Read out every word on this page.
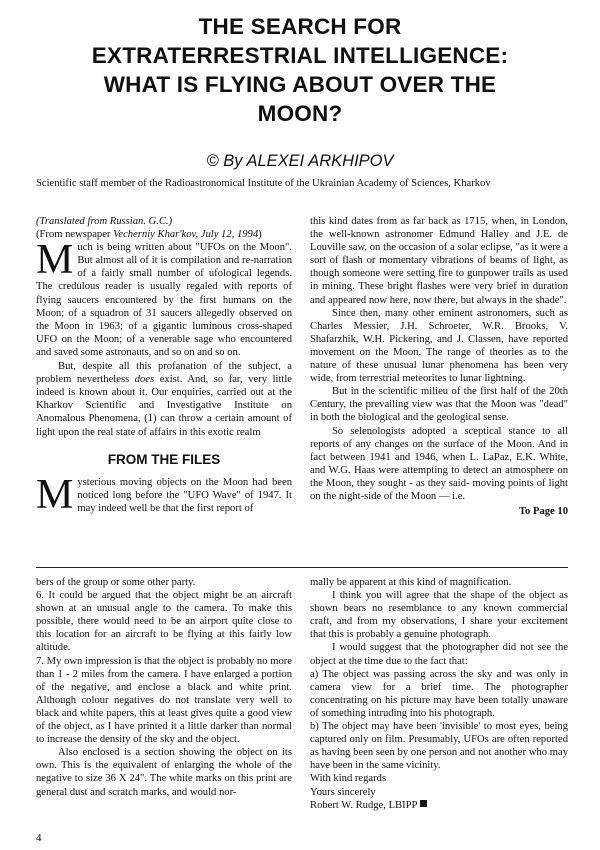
THE SEARCH FOR
EXTRATERRESTRIAL INTELLIGENCE:
WHAT IS FLYING ABOUT OVER THE
MOON?

© By ALEXEI ARKHIPOV

Scientific staff member of the Radioastronomical Institute of the Ukrainian Academy of Sciences, Kharkov

(Translated from Russian. G.C.)

(From newspaper Vecherniy Khar'kov, July 12, 1994)

Much is being written about "UFOs on the Moon". But almost all of it is compilation and re-narration of a fairly small number of ufological legends. The credulous reader is usually regaled with reports of flying saucers encountered by the first humans on the Moon; of a squadron of 31 saucers allegedly observed on the Moon in 1963; of a gigantic luminous cross-shaped UFO on the Moon; of a venerable sage who encountered and saved some astronauts, and so on and so on.

But, despite all this profanation of the subject, a problem nevertheless does exist. And, so far, very little indeed is known about it. Our enquiries, carried out at the Kharkov Scientific and Investigative Institute on Anomalous Phenomena, (1) can throw a certain amount of light upon the real state of affairs in this exotic realm

FROM THE FILES

Mysterious moving objects on the Moon had been noticed long before the "UFO Wave" of 1947. It may indeed well be that the first report of

this kind dates from as far back as 1715, when, in London, the well-known astronomer Edmund Halley and J.E. de Louville saw, on the occasion of a solar eclipse, "as it were a sort of flash or momentary vibrations of beams of light, as though someone were setting fire to gunpower trails as used in mining. These bright flashes were very brief in duration and appeared now here, now there, but always in the shade".

Since then, many other eminent astronomers, such as Charles Messier, J.H. Schroeter, W.R. Brooks, V. Shafarzhik, W.H. Pickering, and J. Classen, have reported movement on the Moon. The range of theories as to the nature of these unusual lunar phenomena has been very wide, from terrestrial meteorites to lunar lightning.

But in the scientific milieu of the first half of the 20th Century, the prevailing view was that the Moon was "dead" in both the biological and the geological sense.

So selenologists adopted a sceptical stance to all reports of any changes on the surface of the Moon. And in fact between 1941 and 1946, when L. LaPaz, E.K. White, and W.G. Haas were attempting to detect an atmosphere on the Moon, they sought - as they said- moving points of light on the night-side of the Moon — i.e.

To Page 10

bers of the group or some other party.

6. It could be argued that the object might be an aircraft shown at an unusual angle to the camera. To make this possible, there would need to be an airport quite close to this location for an aircraft to be flying at this fairly low altitude.

7. My own impression is that the object is probably no more than 1 - 2 miles from the camera. I have enlarged a portion of the negative, and enclose a black and white print. Although colour negatives do not translate very well to black and white papers, this at least gives quite a good view of the object, as I have printed it a little darker than normal to increase the density of the sky and the object.

Also enclosed is a section showing the object on its own. This is the equivalent of enlarging the whole of the negative to size 36 X 24". The white marks on this print are general dust and scratch marks, and would nor-

mally be apparent at this kind of magnification.

I think you will agree that the shape of the object as shown bears no resemblance to any known commercial craft, and from my observations, I share your excitement that this is probably a genuine photograph.

I would suggest that the photographer did not see the object at the time due to the fact that:

a) The object was passing across the sky and was only in camera view for a brief time. The photographer concentrating on his picture may have been totally unaware of something intruding into his photograph.

b) The object may have been 'invisible' to most eyes, being captured only on film. Presumably, UFOs are often reported as having been seen by one person and not another who may have been in the same vicinity.

With kind regards

Yours sincerely

Robert W. Rudge, LBIPP

4
